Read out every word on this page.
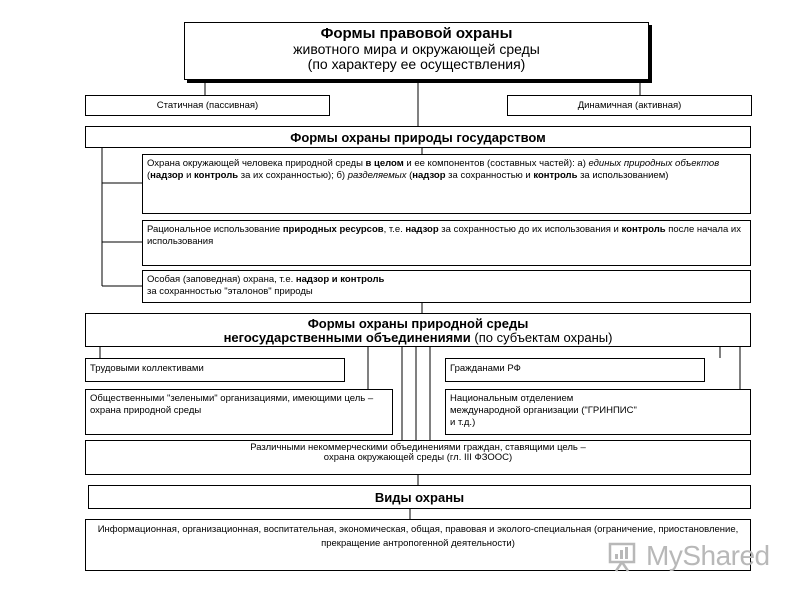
Формы правовой охраны
животного мира и окружающей среды
(по характеру ее осуществления)
Статичная (пассивная)	Динамичная (активная)
Формы охраны природы государством
Охрана окружающей человека природной среды в целом и ее компонентов (составных частей): а) единых природных объектов (надзор и контроль за их сохранностью); б) разделяемых (надзор за сохранностью и контроль за использованием)
Рациональное использование природных ресурсов, т.е. надзор за сохранностью до их использования и контроль после начала их использования
Особая (заповедная) охрана, т.е. надзор и контроль за сохранностью "эталонов" природы
Формы охраны природной среды
негосударственными объединениями (по субъектам охраны)
Трудовыми коллективами	Гражданами РФ
Общественными "зелеными" организациями, имеющими цель – охрана природной среды
Национальным отделением международной организации ("ГРИНПИС" и т.д.)
Различными некоммерческими объединениями граждан, ставящими цель – охрана окружающей среды (гл. III ФЗООС)
Виды охраны
Информационная, организационная, воспитательная, экономическая, общая, правовая и эколого-специальная (ограничение, приостановление, прекращение антропогенной деятельности)	MyShared
